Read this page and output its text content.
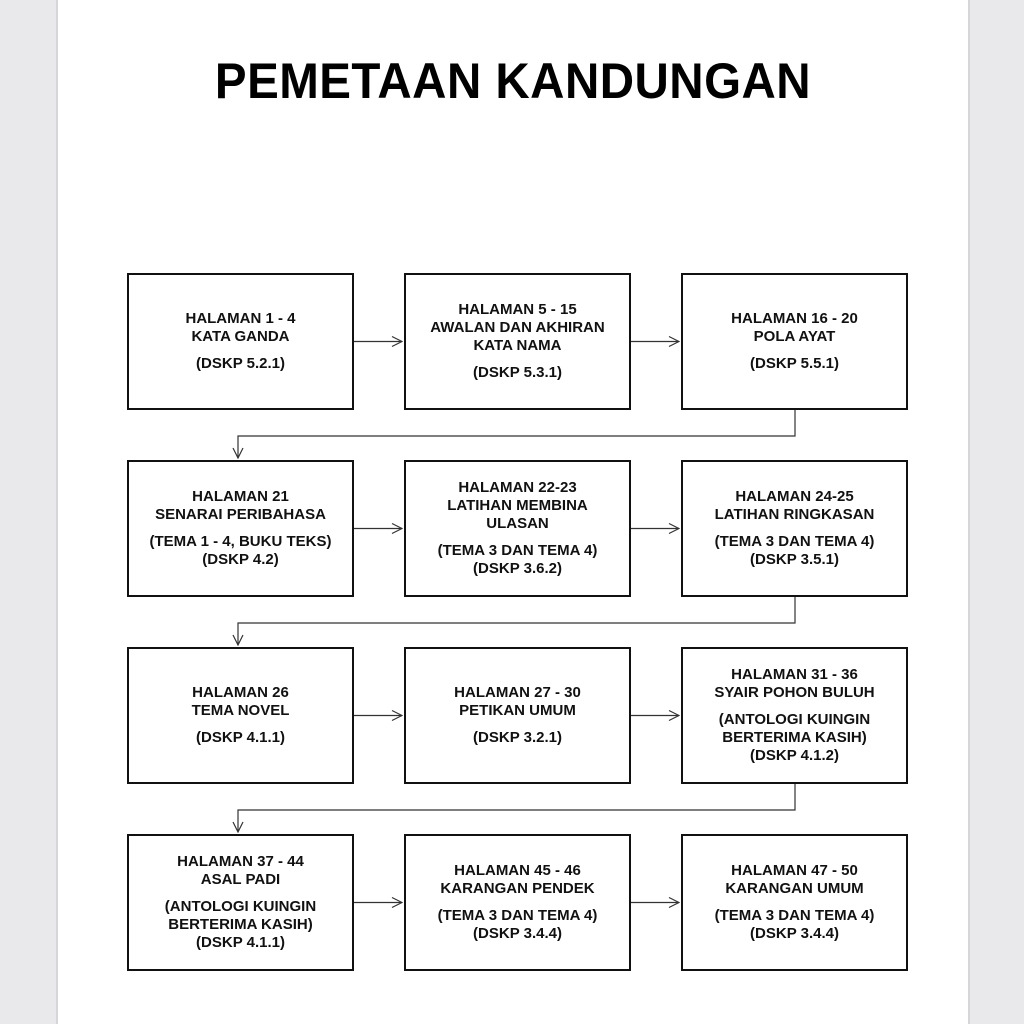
PEMETAAN KANDUNGAN
HALAMAN 1 - 4
KATA GANDA
(DSKP 5.2.1)
HALAMAN 5 - 15
AWALAN DAN AKHIRAN
KATA NAMA
(DSKP 5.3.1)
HALAMAN 16 - 20
POLA AYAT
(DSKP 5.5.1)
HALAMAN 21
SENARAI PERIBAHASA
(TEMA 1 - 4, BUKU TEKS)
(DSKP 4.2)
HALAMAN 22-23
LATIHAN MEMBINA
ULASAN
(TEMA 3 DAN TEMA 4)
(DSKP 3.6.2)
HALAMAN 24-25
LATIHAN RINGKASAN
(TEMA 3 DAN TEMA 4)
(DSKP 3.5.1)
HALAMAN 26
TEMA NOVEL
(DSKP 4.1.1)
HALAMAN 27 - 30
PETIKAN UMUM
(DSKP 3.2.1)
HALAMAN 31 - 36
SYAIR POHON BULUH
(ANTOLOGI KUINGIN
BERTERIMA KASIH)
(DSKP 4.1.2)
HALAMAN 37 - 44
ASAL PADI
(ANTOLOGI KUINGIN
BERTERIMA KASIH)
(DSKP 4.1.1)
HALAMAN 45 - 46
KARANGAN PENDEK
(TEMA 3 DAN TEMA 4)
(DSKP 3.4.4)
HALAMAN 47 - 50
KARANGAN UMUM
(TEMA 3 DAN TEMA 4)
(DSKP 3.4.4)
